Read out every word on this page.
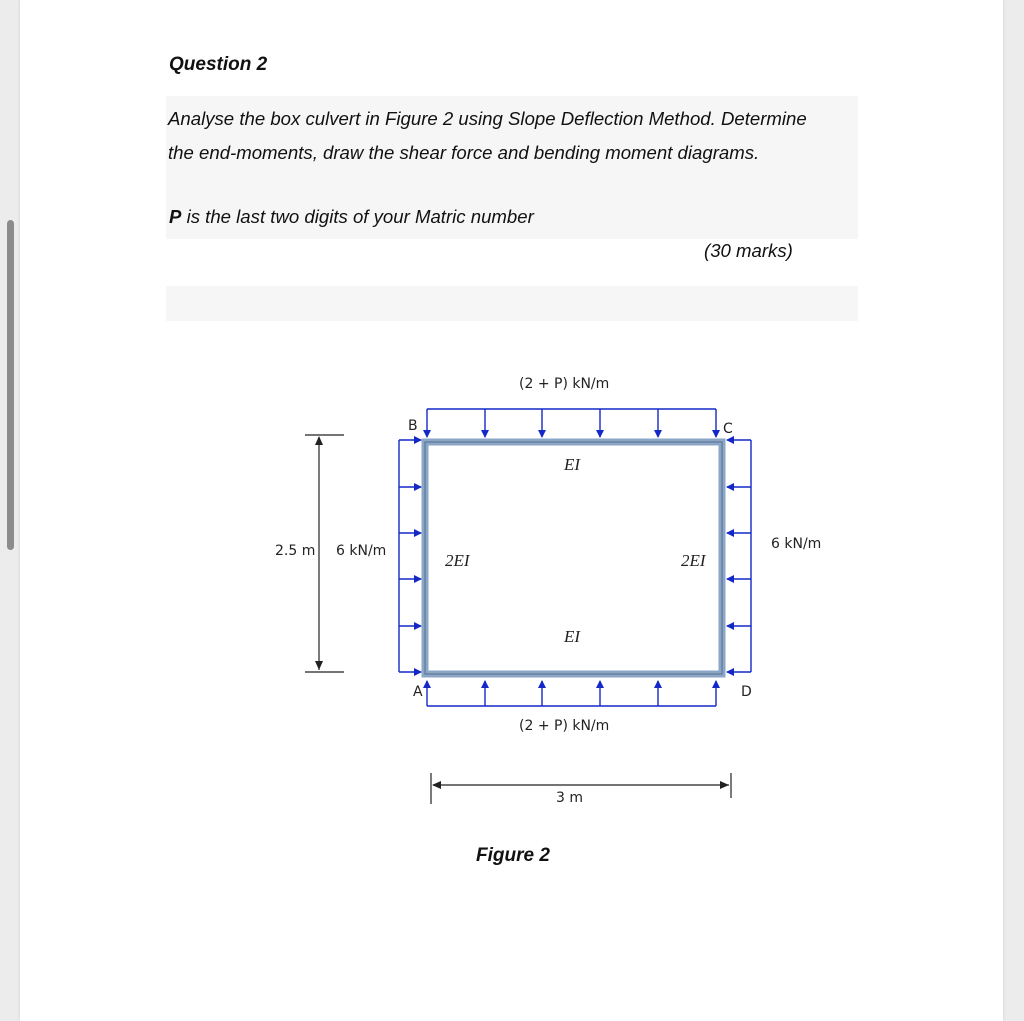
Question 2
Analyse the box culvert in Figure 2 using Slope Deflection Method. Determine
the end-moments, draw the shear force and bending moment diagrams.
P is the last two digits of your Matric number
(30 marks)
(2 + P) kN/m
(2 + P) kN/m
6 kN/m	6 kN/m
2.5 m
3 m
EI
EI
2EI	2EI
B	C
A	D
Figure 2
